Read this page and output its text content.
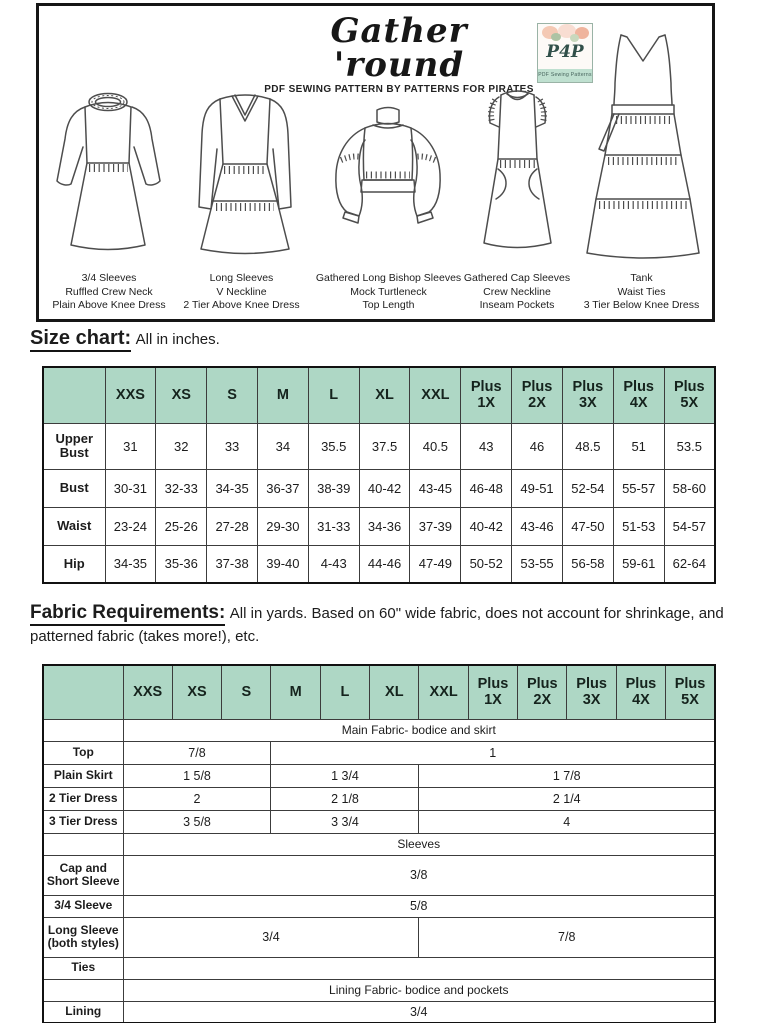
Gather 'round
PDF SEWING PATTERN BY PATTERNS FOR PIRATES
P4P
PDF Sewing Patterns
3/4 Sleeves
Ruffled Crew Neck
Plain Above Knee Dress
Long Sleeves
V Neckline
2 Tier Above Knee Dress
Gathered Long Bishop Sleeves
Mock Turtleneck
Top Length
Gathered Cap Sleeves
Crew Neckline
Inseam Pockets
Tank
Waist Ties
3 Tier Below Knee Dress
Size chart: All in inches.
	XXS	XS	S	M	L	XL	XXL	Plus 1X	Plus 2X	Plus 3X	Plus 4X	Plus 5X
Upper Bust	31	32	33	34	35.5	37.5	40.5	43	46	48.5	51	53.5
Bust	30-31	32-33	34-35	36-37	38-39	40-42	43-45	46-48	49-51	52-54	55-57	58-60
Waist	23-24	25-26	27-28	29-30	31-33	34-36	37-39	40-42	43-46	47-50	51-53	54-57
Hip	34-35	35-36	37-38	39-40	4-43	44-46	47-49	50-52	53-55	56-58	59-61	62-64
Fabric Requirements: All in yards. Based on 60" wide fabric, does not account for shrinkage, and patterned fabric (takes more!), etc.
	XXS	XS	S	M	L	XL	XXL	Plus 1X	Plus 2X	Plus 3X	Plus 4X	Plus 5X
	Main Fabric- bodice and skirt											
Top	7/8			1								
Plain Skirt	1 5/8			1 3/4			1 7/8					
2 Tier Dress	2			2 1/8			2 1/4					
3 Tier Dress	3 5/8			3 3/4			4					
	Sleeves											
Cap and Short Sleeve	3/8											
3/4 Sleeve	5/8											
Long Sleeve (both styles)	3/4						7/8					
Ties												
	Lining Fabric- bodice and pockets											
Lining	3/4											
